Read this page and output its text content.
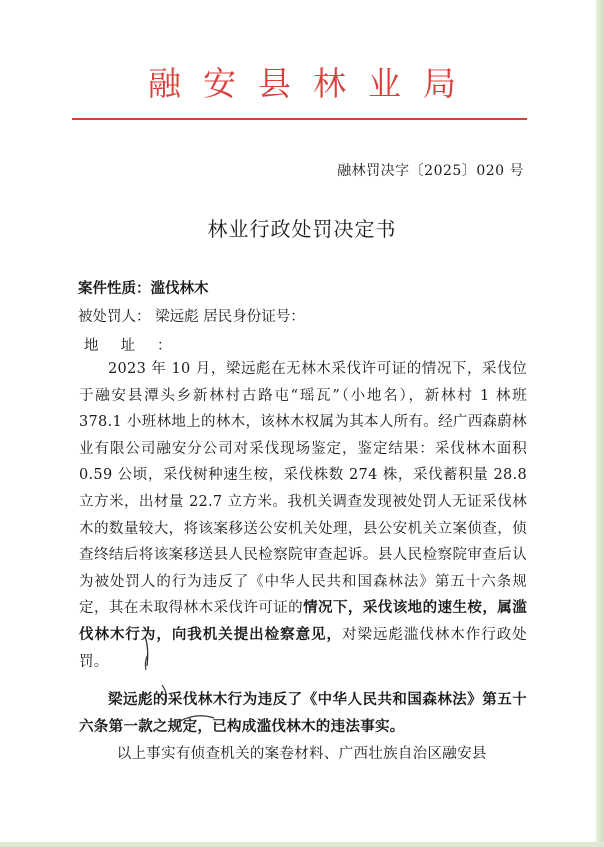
融安县林业局
融林罚决字〔2025〕020 号
林业行政处罚决定书
案件性质：滥伐林木
被处罚人： 梁远彪 居民身份证号：
地址：
2023 年 10 月，梁远彪在无林木采伐许可证的情况下，采伐位于融安县潭头乡新林村古路屯“瑶瓦”（小地名），新林村 1 林班 378.1 小班林地上的林木，该林木权属为其本人所有。经广西森蔚林业有限公司融安分公司对采伐现场鉴定，鉴定结果：采伐林木面积 0.59 公顷，采伐树种速生桉，采伐株数 274 株，采伐蓄积量 28.8 立方米，出材量 22.7 立方米。我机关调查发现被处罚人无证采伐林木的数量较大，将该案移送公安机关处理，县公安机关立案侦查，侦查终结后将该案移送县人民检察院审查起诉。县人民检察院审查后认为被处罚人的行为违反了《中华人民共和国森林法》第五十六条规定，其在未取得林木采伐许可证的情况下，采伐该地的速生桉，属滥伐林木行为，向我机关提出检察意见，对梁远彪滥伐林木作行政处罚。
梁远彪的采伐林木行为违反了《中华人民共和国森林法》第五十六条第一款之规定，已构成滥伐林木的违法事实。
以上事实有侦查机关的案卷材料、广西壮族自治区融安县
